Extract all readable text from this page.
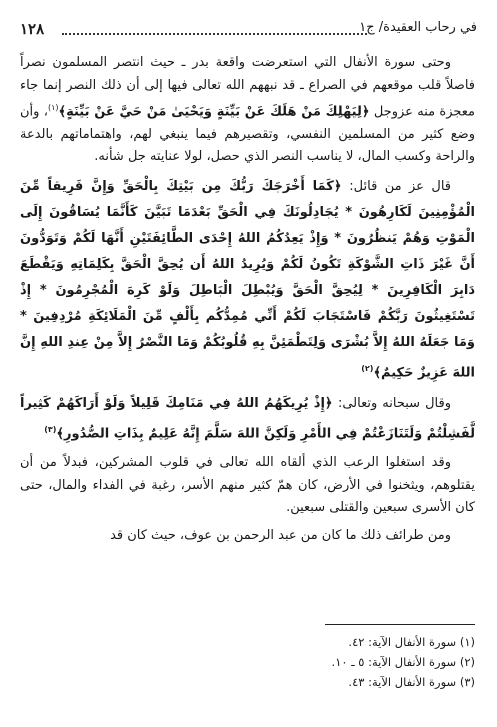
١٢٨	في رحاب العقيدة/ ج١

وحتى سورة الأنفال التي استعرضت واقعة بدر ـ حيث انتصر المسلمون نصراً فاصلاً قلب موقعهم في الصراع ـ قد نبههم الله تعالى فيها إلى أن ذلك النصر إنما جاء معجزة منه عزوجل ﴿لِيَهْلِكَ مَنْ هَلَكَ عَنْ بَيِّنَةٍ وَيَحْيَىٰ مَنْ حَيَّ عَنْ بَيِّنَةٍ﴾$^{(١)}$، وأن وضع كثير من المسلمين النفسي، وتقصيرهم فيما ينبغي لهم، واهتماماتهم بالدعة والراحة وكسب المال، لا يناسب النصر الذي حصل، لولا عنايته جل شأنه.

قال عز من قائل: ﴿كَمَا أَخْرَجَكَ رَبُّكَ مِن بَيْتِكَ بِالْحَقِّ وَإِنَّ فَرِيقاً مِّنَ الْمُؤْمِنِينَ لَكَارِهُونَ * يُجَادِلُونَكَ فِي الْحَقِّ بَعْدَمَا تَبَيَّنَ كَأَنَّمَا يُسَاقُونَ إِلَى الْمَوْتِ وَهُمْ يَنظُرُونَ * وَإِذْ يَعِدُكُمُ اللهُ إِحْدَى الطَّائِفَتَيْنِ أَنَّهَا لَكُمْ وَتَوَدُّونَ أَنَّ غَيْرَ ذَاتِ الشَّوْكَةِ تَكُونُ لَكُمْ وَيُرِيدُ اللهُ أَن يُحِقَّ الْحَقَّ بِكَلِمَاتِهِ وَيَقْطَعَ دَابِرَ الْكَافِرِينَ * لِيُحِقَّ الْحَقَّ وَيُبْطِلَ الْبَاطِلَ وَلَوْ كَرِهَ الْمُجْرِمُونَ * إِذْ تَسْتَغِيثُونَ رَبَّكُمْ فَاسْتَجَابَ لَكُمْ أَنِّي مُمِدُّكُم بِأَلْفٍ مِّنَ الْمَلَائِكَةِ مُرْدِفِينَ * وَمَا جَعَلَهُ اللهُ إِلاَّ بُشْرَى وَلِتَطْمَئِنَّ بِهِ قُلُوبُكُمْ وَمَا النَّصْرُ إِلاَّ مِنْ عِندِ اللهِ إِنَّ اللهَ عَزِيزٌ حَكِيمٌ﴾$^{(٢)}$

وقال سبحانه وتعالى: ﴿إِذْ يُرِيكَهُمُ اللهُ فِي مَنَامِكَ قَلِيلاً وَلَوْ أَرَاكَهُمْ كَثِيراً لَّفَشِلْتُمْ وَلَتَنَازَعْتُمْ فِي الأَمْرِ وَلَكِنَّ اللهَ سَلَّمَ إِنَّهُ عَلِيمٌ بِذَاتِ الصُّدُورِ﴾$^{(٣)}$

وقد استغلوا الرعب الذي ألقاه الله تعالى في قلوب المشركين، فبدلاً من أن يقتلوهم، ويثخنوا في الأرض، كان همّ كثير منهم الأسر، رغبة في الفداء والمال، حتى كان الأسرى سبعين والقتلى سبعين.

ومن طرائف ذلك ما كان من عبد الرحمن بن عوف، حيث كان قد

(١) سورة الأنفال الآية: ٤٢.
(٢) سورة الأنفال الآية: ٥ ـ ١٠.
(٣) سورة الأنفال الآية: ٤٣.
